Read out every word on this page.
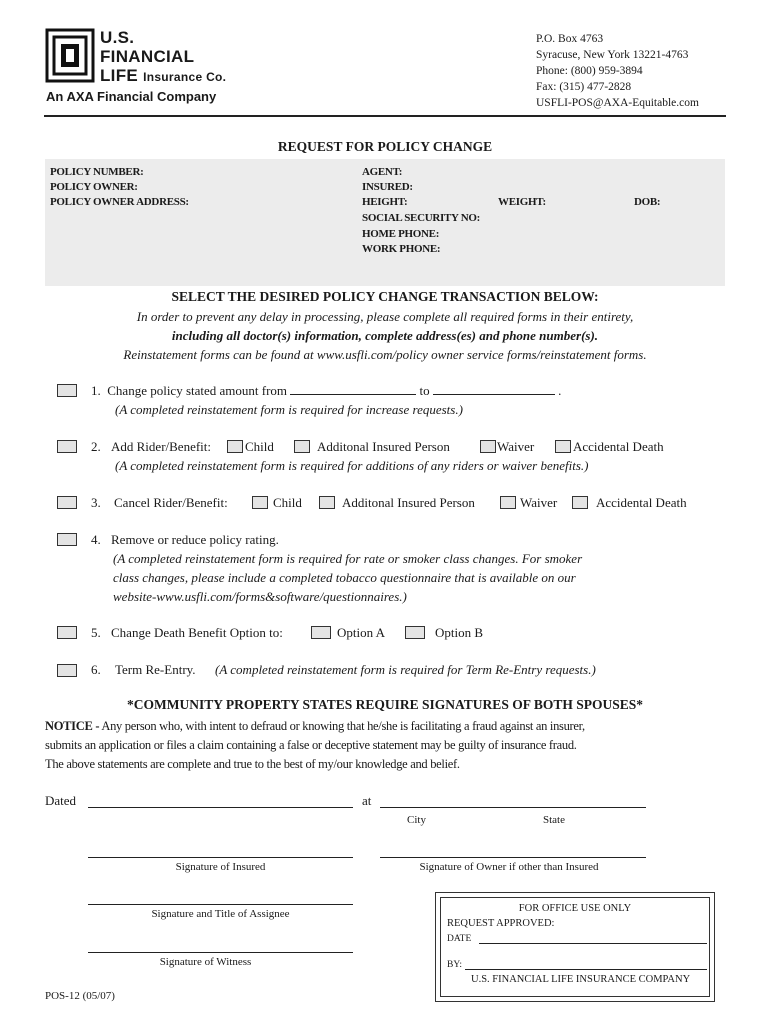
U.S.
FINANCIAL
LIFE Insurance Co.
An AXA Financial Company
P.O. Box 4763
Syracuse, New York 13221-4763
Phone: (800) 959-3894
Fax: (315) 477-2828
USFLI-POS@AXA-Equitable.com
REQUEST FOR POLICY CHANGE
POLICY NUMBER:
POLICY OWNER:
POLICY OWNER ADDRESS:
AGENT:
INSURED:
HEIGHT:	WEIGHT:	DOB:
SOCIAL SECURITY NO:
HOME PHONE:
WORK PHONE:
SELECT THE DESIRED POLICY CHANGE TRANSACTION BELOW:
In order to prevent any delay in processing, please complete all required forms in their entirety,
including all doctor(s) information, complete address(es) and phone number(s).
Reinstatement forms can be found at www.usfli.com/policy owner service forms/reinstatement forms.
1. Change policy stated amount from	to	.
(A completed reinstatement form is required for increase requests.)
2. Add Rider/Benefit:	Child	Additonal Insured Person	Waiver	Accidental Death
(A completed reinstatement form is required for additions of any riders or waiver benefits.)
3. Cancel Rider/Benefit:	Child	Additonal Insured Person	Waiver	Accidental Death
4. Remove or reduce policy rating.
(A completed reinstatement form is required for rate or smoker class changes. For smoker
class changes, please include a completed tobacco questionnaire that is available on our
website-www.usfli.com/forms&software/questionnaires.)
5. Change Death Benefit Option to:	Option A	Option B
6. Term Re-Entry. (A completed reinstatement form is required for Term Re-Entry requests.)
*COMMUNITY PROPERTY STATES REQUIRE SIGNATURES OF BOTH SPOUSES*
NOTICE - Any person who, with intent to defraud or knowing that he/she is facilitating a fraud against an insurer,
submits an application or files a claim containing a false or deceptive statement may be guilty of insurance fraud.
The above statements are complete and true to the best of my/our knowledge and belief.
Dated	at
City	State
Signature of Insured	Signature of Owner if other than Insured
Signature and Title of Assignee
Signature of Witness
FOR OFFICE USE ONLY
REQUEST APPROVED:
DATE
BY:
U.S. FINANCIAL LIFE INSURANCE COMPANY
POS-12 (05/07)
